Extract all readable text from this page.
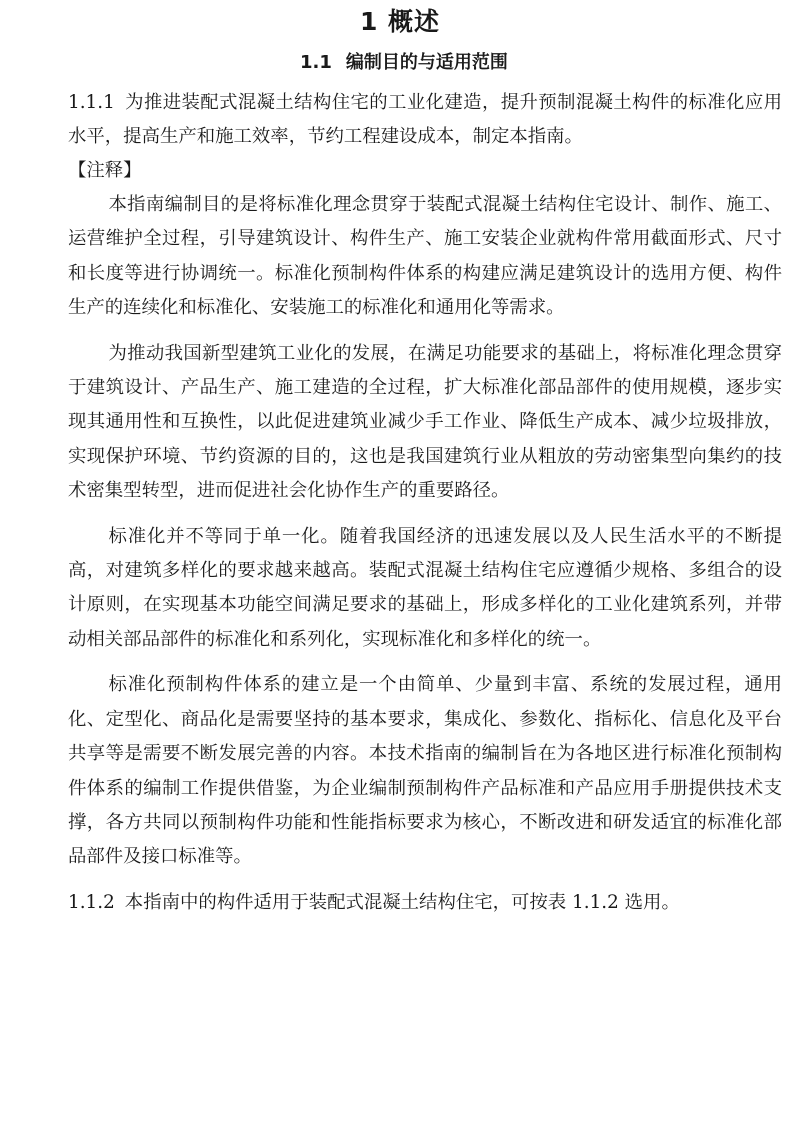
1 概述
1.1 编制目的与适用范围

1.1.1 为推进装配式混凝土结构住宅的工业化建造，提升预制混凝土构件的标准化应用水平，提高生产和施工效率，节约工程建设成本，制定本指南。

【注释】

本指南编制目的是将标准化理念贯穿于装配式混凝土结构住宅设计、制作、施工、运营维护全过程，引导建筑设计、构件生产、施工安装企业就构件常用截面形式、尺寸和长度等进行协调统一。标准化预制构件体系的构建应满足建筑设计的选用方便、构件生产的连续化和标准化、安装施工的标准化和通用化等需求。

为推动我国新型建筑工业化的发展，在满足功能要求的基础上，将标准化理念贯穿于建筑设计、产品生产、施工建造的全过程，扩大标准化部品部件的使用规模，逐步实现其通用性和互换性，以此促进建筑业减少手工作业、降低生产成本、减少垃圾排放，实现保护环境、节约资源的目的，这也是我国建筑行业从粗放的劳动密集型向集约的技术密集型转型，进而促进社会化协作生产的重要路径。

标准化并不等同于单一化。随着我国经济的迅速发展以及人民生活水平的不断提高，对建筑多样化的要求越来越高。装配式混凝土结构住宅应遵循少规格、多组合的设计原则，在实现基本功能空间满足要求的基础上，形成多样化的工业化建筑系列，并带动相关部品部件的标准化和系列化，实现标准化和多样化的统一。

标准化预制构件体系的建立是一个由简单、少量到丰富、系统的发展过程，通用化、定型化、商品化是需要坚持的基本要求，集成化、参数化、指标化、信息化及平台共享等是需要不断发展完善的内容。本技术指南的编制旨在为各地区进行标准化预制构件体系的编制工作提供借鉴，为企业编制预制构件产品标准和产品应用手册提供技术支撑，各方共同以预制构件功能和性能指标要求为核心，不断改进和研发适宜的标准化部品部件及接口标准等。

1.1.2 本指南中的构件适用于装配式混凝土结构住宅，可按表 1.1.2 选用。
